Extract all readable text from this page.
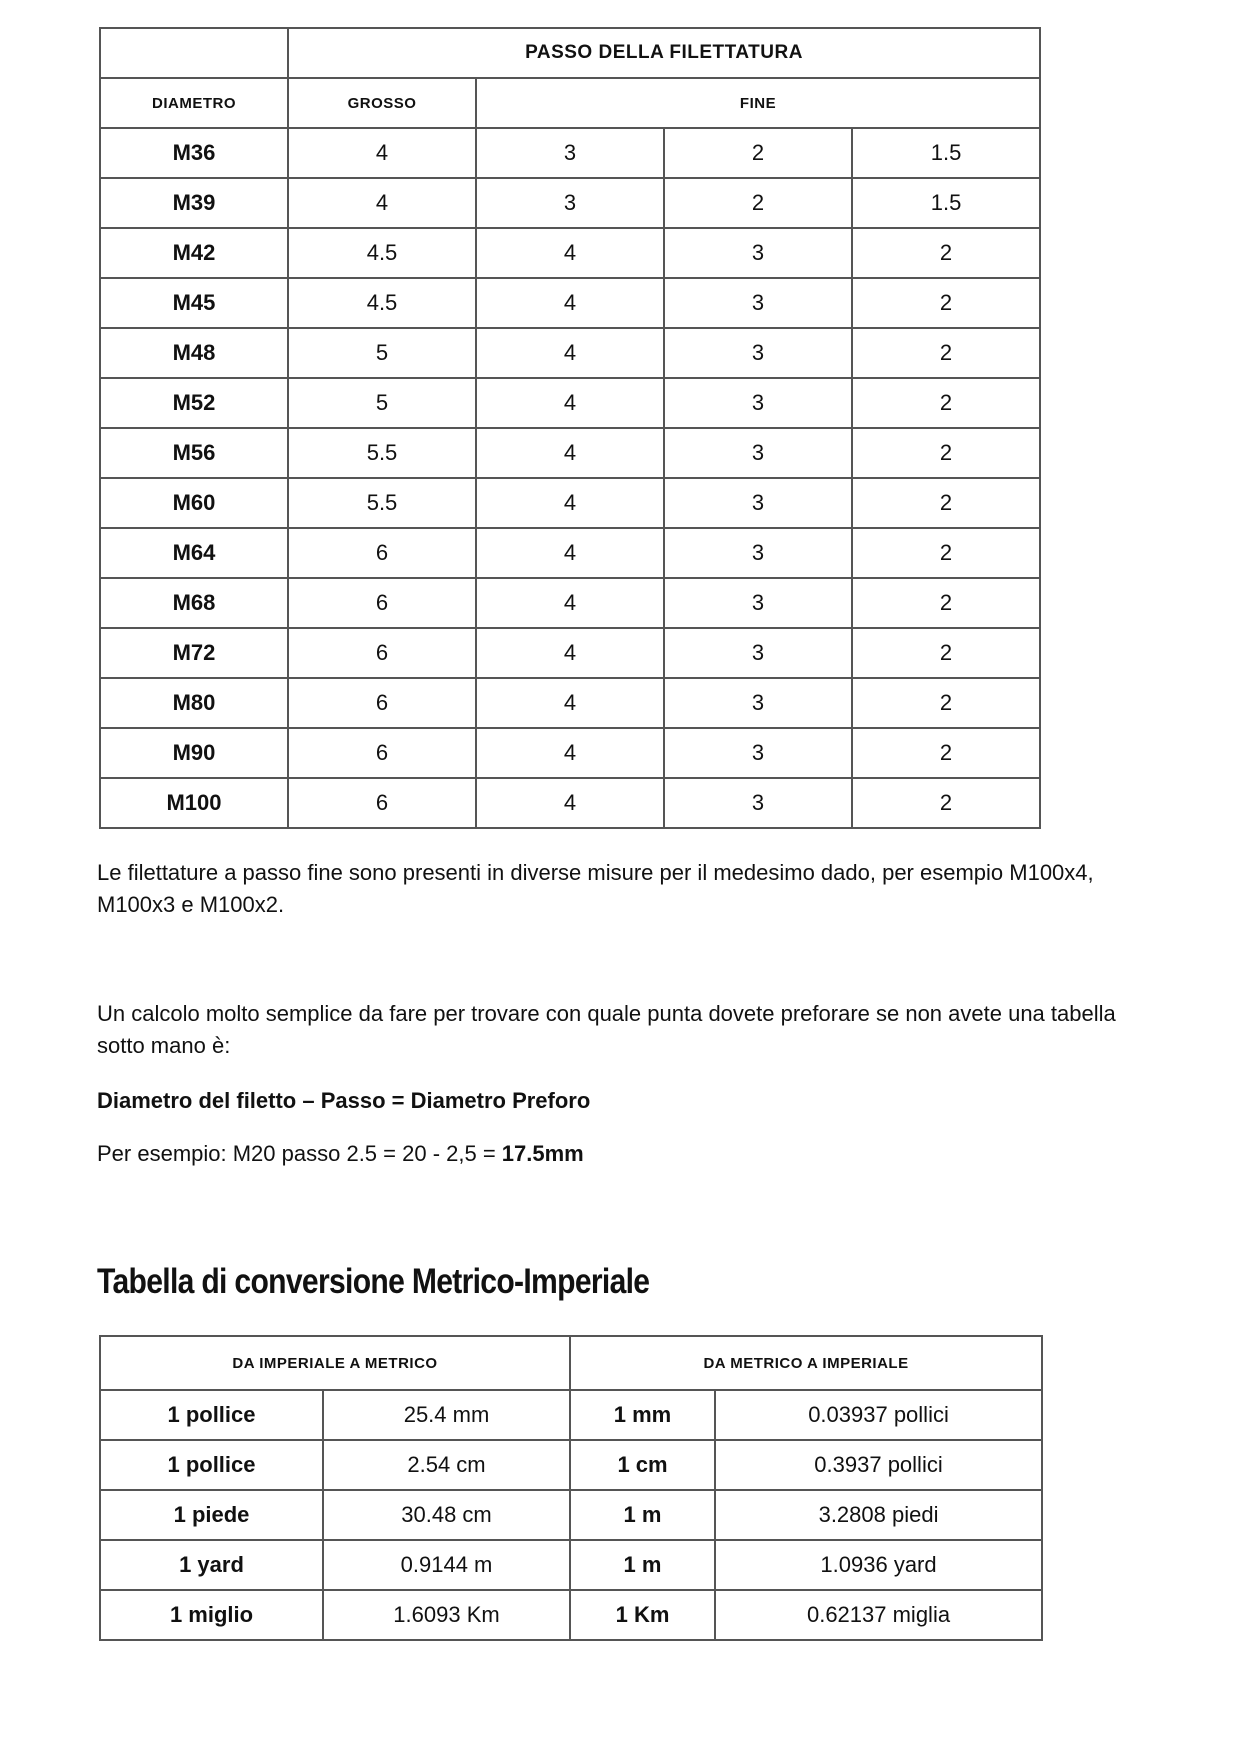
	PASSO DELLA FILETTATURA			
DIAMETRO	GROSSO	FINE		
M36	4	3	2	1.5
M39	4	3	2	1.5
M42	4.5	4	3	2
M45	4.5	4	3	2
M48	5	4	3	2
M52	5	4	3	2
M56	5.5	4	3	2
M60	5.5	4	3	2
M64	6	4	3	2
M68	6	4	3	2
M72	6	4	3	2
M80	6	4	3	2
M90	6	4	3	2
M100	6	4	3	2

Le filettature a passo fine sono presenti in diverse misure per il medesimo dado, per esempio M100x4, M100x3 e M100x2.

Un calcolo molto semplice da fare per trovare con quale punta dovete preforare se non avete una tabella sotto mano è:

Diametro del filetto – Passo = Diametro Preforo

Per esempio: M20 passo 2.5 = 20 - 2,5 = 17.5mm

Tabella di conversione Metrico-Imperiale
DA IMPERIALE A METRICO		DA METRICO A IMPERIALE	
1 pollice	25.4 mm	1 mm	0.03937 pollici
1 pollice	2.54 cm	1 cm	0.3937 pollici
1 piede	30.48 cm	1 m	3.2808 piedi
1 yard	0.9144 m	1 m	1.0936 yard
1 miglio	1.6093 Km	1 Km	0.62137 miglia
